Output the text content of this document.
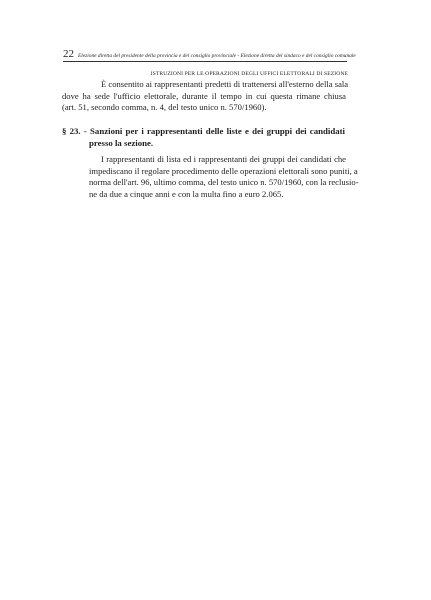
Elezione diretta del presidente della provincia e del consiglio provinciale - Elezione diretta del sindaco e del consiglio comunale
ISTRUZIONI PER LE OPERAZIONI DEGLI UFFICI ELETTORALI DI SEZIONE
22
È consentito ai rappresentanti predetti di trattenersi all'esterno della sala
dove ha sede l'ufficio elettorale, durante il tempo in cui questa rimane chiusa
(art. 51, secondo comma, n. 4, del testo unico n. 570/1960).
§ 23. - Sanzioni per i rappresentanti delle liste e dei gruppi dei candidati
presso la sezione.
I rappresentanti di lista ed i rappresentanti dei gruppi dei candidati che
impediscano il regolare procedimento delle operazioni elettorali sono puniti, a
norma dell'art. 96, ultimo comma, del testo unico n. 570/1960, con la reclusio-
ne da due a cinque anni e con la multa fino a euro 2.065.
